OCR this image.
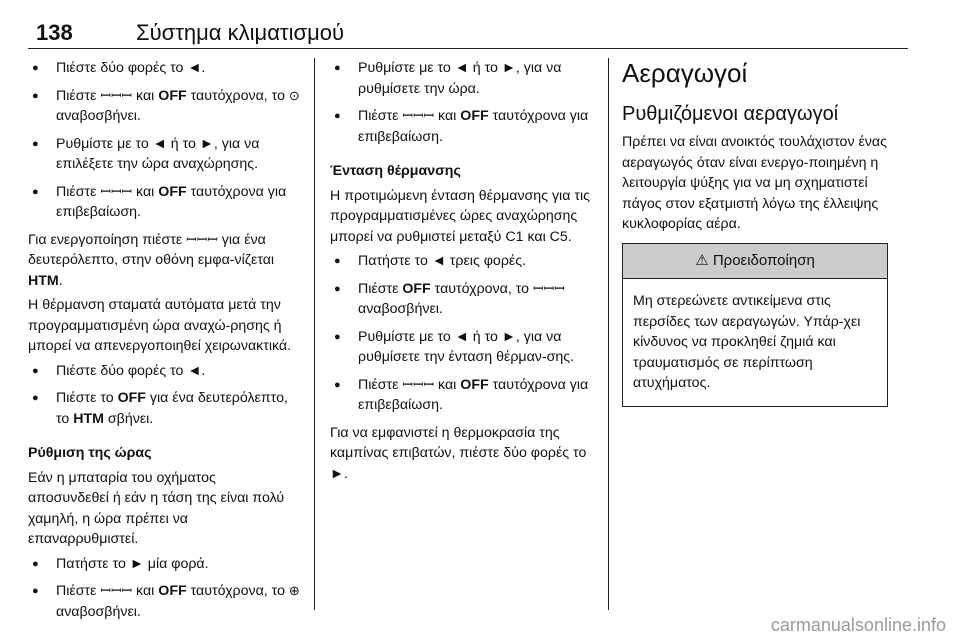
138	Σύστημα κλιματισμού
● Πιέστε δύο φορές το ◄.
● Πιέστε ꟷꟷꟷ και OFF ταυτόχρονα, το ⊙ αναβοσβήνει.
● Ρυθμίστε με το ◄ ή το ►, για να επιλέξετε την ώρα αναχώρησης.
● Πιέστε ꟷꟷꟷ και OFF ταυτόχρονα για επιβεβαίωση.

Για ενεργοποίηση πιέστε ꟷꟷꟷ για ένα δευτερόλεπτο, στην οθόνη εμφα-νίζεται HTM.

Η θέρμανση σταματά αυτόματα μετά την προγραμματισμένη ώρα αναχώ-ρησης ή μπορεί να απενεργοποιηθεί χειρωνακτικά.

● Πιέστε δύο φορές το ◄.
● Πιέστε το OFF για ένα δευτερόλεπτο, το HTM σβήνει.

Ρύθμιση της ώρας

Εάν η μπαταρία του οχήματος αποσυνδεθεί ή εάν η τάση της είναι πολύ χαμηλή, η ώρα πρέπει να επαναρρυθμιστεί.

● Πατήστε το ► μία φορά.
● Πιέστε ꟷꟷꟷ και OFF ταυτόχρονα, το ⊕ αναβοσβήνει.
● Ρυθμίστε με το ◄ ή το ►, για να ρυθμίσετε την ώρα.
● Πιέστε ꟷꟷꟷ και OFF ταυτόχρονα για επιβεβαίωση.

Ένταση θέρμανσης

Η προτιμώμενη ένταση θέρμανσης για τις προγραμματισμένες ώρες αναχώρησης μπορεί να ρυθμιστεί μεταξύ C1 και C5.

● Πατήστε το ◄ τρεις φορές.
● Πιέστε OFF ταυτόχρονα, το ꟷꟷꟷ αναβοσβήνει.
● Ρυθμίστε με το ◄ ή το ►, για να ρυθμίσετε την ένταση θέρμαν-σης.
● Πιέστε ꟷꟷꟷ και OFF ταυτόχρονα για επιβεβαίωση.

Για να εμφανιστεί η θερμοκρασία της καμπίνας επιβατών, πιέστε δύο φορές το ►.

Αεραγωγοί
Ρυθμιζόμενοι αεραγωγοί

Πρέπει να είναι ανοικτός τουλάχιστον ένας αεραγωγός όταν είναι ενεργο-ποιημένη η λειτουργία ψύξης για να μη σχηματιστεί πάγος στον εξατμιστή λόγω της έλλειψης κυκλοφορίας αέρα.

⚠ Προειδοποίηση
Μη στερεώνετε αντικείμενα στις περσίδες των αεραγωγών. Υπάρ-χει κίνδυνος να προκληθεί ζημιά και τραυματισμός σε περίπτωση ατυχήματος.
carmanualsonline.info
